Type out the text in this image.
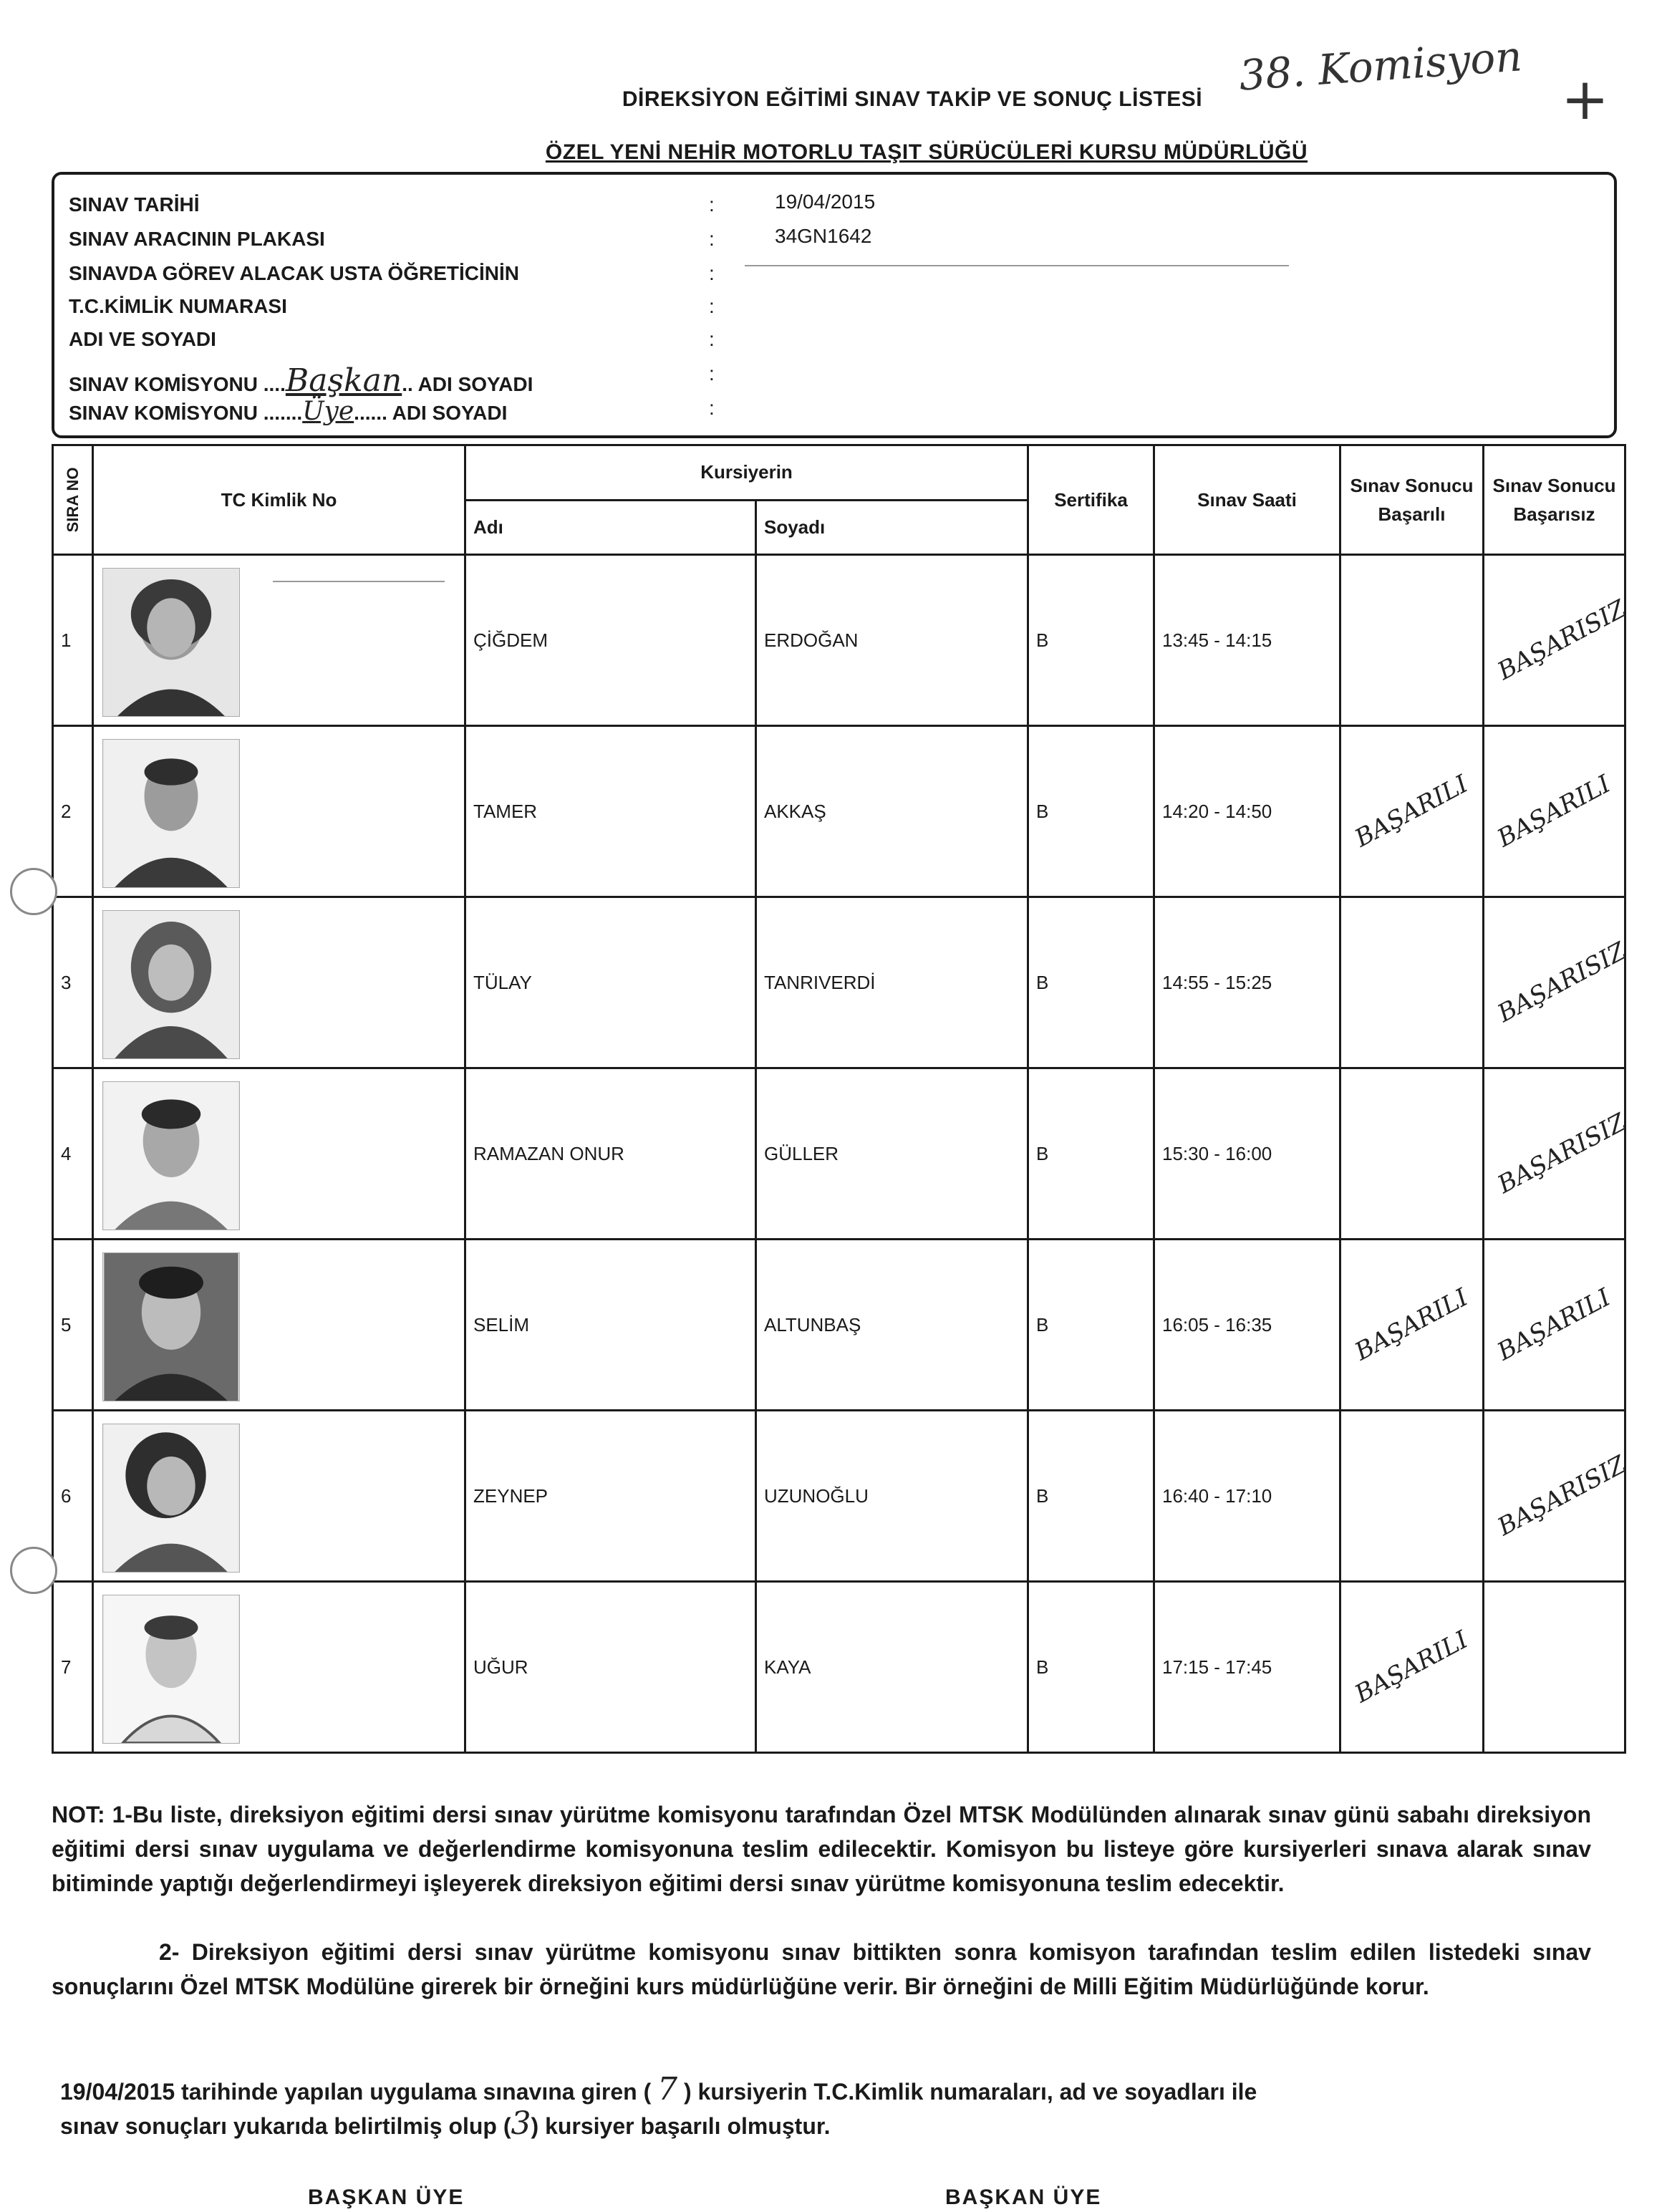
DİREKSİYON EĞİTİMİ SINAV TAKİP VE SONUÇ LİSTESİ
ÖZEL YENİ NEHİR MOTORLU TAŞIT SÜRÜCÜLERİ KURSU MÜDÜRLÜĞÜ
38. Komisyon +
SINAV TARİHİ	:	19/04/2015
SINAV ARACININ PLAKASI	:	34GN1642
SINAVDA GÖREV ALACAK USTA ÖĞRETİCİNİN	:
T.C.KİMLİK NUMARASI	:
ADI VE SOYADI	:
SINAV KOMİSYONU ....Başkan.. ADI SOYADI	:
SINAV KOMİSYONU .......Üye...... ADI SOYADI	:
SIRA NO	TC Kimlik No	Kursiyerin		Sertifika	Sınav Saati	Sınav Sonucu Başarılı	Sınav Sonucu Başarısız
		Adı	Soyadı				
1		ÇİĞDEM	ERDOĞAN	B	13:45 - 14:15		BAŞARISIZ
2		TAMER	AKKAŞ	B	14:20 - 14:50	BAŞARILI	BAŞARILI
3		TÜLAY	TANRIVERDİ	B	14:55 - 15:25		BAŞARISIZ
4		RAMAZAN ONUR	GÜLLER	B	15:30 - 16:00		BAŞARISIZ
5		SELİM	ALTUNBAŞ	B	16:05 - 16:35	BAŞARILI	BAŞARILI
6		ZEYNEP	UZUNOĞLU	B	16:40 - 17:10		BAŞARISIZ
7		UĞUR	KAYA	B	17:15 - 17:45	BAŞARILI	

NOT: 1-Bu liste, direksiyon eğitimi dersi sınav yürütme komisyonu tarafından Özel MTSK Modülünden alınarak sınav günü sabahı direksiyon eğitimi dersi sınav uygulama ve değerlendirme komisyonuna teslim edilecektir. Komisyon bu listeye göre kursiyerleri sınava alarak sınav bitiminde yaptığı değerlendirmeyi işleyerek direksiyon eğitimi dersi sınav yürütme komisyonuna teslim edecektir.

2- Direksiyon eğitimi dersi sınav yürütme komisyonu sınav bittikten sonra komisyon tarafından teslim edilen listedeki sınav sonuçlarını Özel MTSK Modülüne girerek bir örneğini kurs müdürlüğüne verir. Bir örneğini de Milli Eğitim Müdürlüğünde korur.

19/04/2015 tarihinde yapılan uygulama sınavına giren ( 7 ) kursiyerin T.C.Kimlik numaraları, ad ve soyadları ile
sınav sonuçları yukarıda belirtilmiş olup (3) kursiyer başarılı olmuştur.
BAŞKAN ÜYE	BAŞKAN ÜYE
